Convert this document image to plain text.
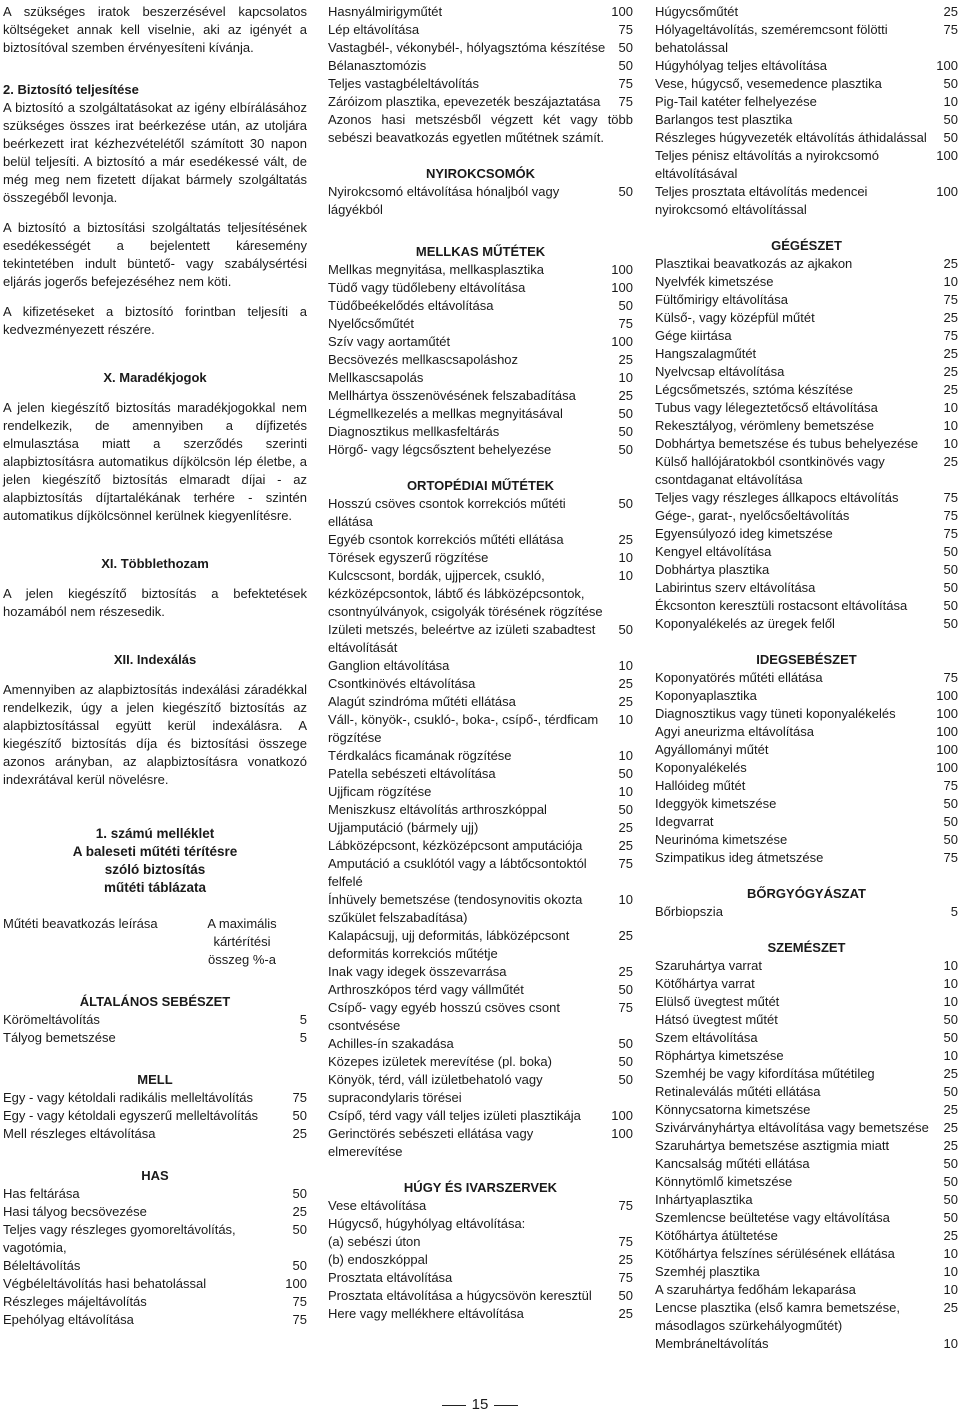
A szükséges iratok beszerzésével kapcsolatos költségeket annak kell viselnie, aki az igényét a biztosítóval szemben érvényesíteni kívánja.

2. Biztosító teljesítése

A biztosító a szolgáltatásokat az igény elbírálásához szükséges összes irat beérkezése után, az utoljára beérkezett irat kézhezvételétől számított 30 napon belül teljesíti. A biztosító a már esedékessé vált, de még meg nem fizetett díjakat bármely szolgáltatás összegéből levonja.

A biztosító a biztosítási szolgáltatás teljesítésének esedékességét a bejelentett káresemény tekintetében indult büntető- vagy szabálysértési eljárás jogerős befejezéséhez nem köti.

A kifizetéseket a biztosító forintban teljesíti a kedvezményezett részére.

X. Maradékjogok

A jelen kiegészítő biztosítás maradékjogokkal nem rendelkezik, de amennyiben a díjfizetés elmulasztása miatt a szerződés szerinti alapbiztosításra automatikus díjkölcsön lép életbe, a jelen kiegészítő biztosítás elmaradt díjai - az alapbiztosítás díjtartalékának terhére - szintén automatikus díjkölcsönnel kerülnek kiegyenlítésre.

XI. Többlethozam

A jelen kiegészítő biztosítás a befektetések hozamából nem részesedik.

XII. Indexálás

Amennyiben az alapbiztosítás indexálási záradékkal rendelkezik, úgy a jelen kiegészítő biztosítás az alapbiztosítással együtt kerül indexálásra. A kiegészítő biztosítás díja és biztosítási összege azonos arányban, az alapbiztosításra vonatkozó indexrátával kerül növelésre.

1. számú melléklet
A baleseti műtéti térítésre
szóló biztosítás
műtéti táblázata
Műtéti beavatkozás leírása	A maximális
kártérítési
összeg %-a

ÁLTALÁNOS SEBÉSZET

Körömeltávolítás	5
Tályog bemetszése	5

MELL

Egy - vagy kétoldali radikális melleltávolítás	75
Egy - vagy kétoldali egyszerű melleltávolítás	50
Mell részleges eltávolítása	25

HAS

Has feltárása	50
Hasi tályog becsövezése	25
Teljes vagy részleges gyomoreltávolítás, vagotómia,
50
Béleltávolítás	50
Végbéleltávolítás hasi behatolással	100
Részleges májeltávolítás	75
Epehólyag eltávolítása	75
Hasnyálmirigyműtét	100
Lép eltávolítása	75
Vastagbél-, vékonybél-, hólyagsztóma készítése	50
Bélanasztomózis	50
Teljes vastagbéleltávolítás	75
Záróizom plasztika, epevezeték beszájaztatása	75

Azonos hasi metszésből végzett két vagy több sebészi beavatkozás egyetlen műtétnek számít.

NYIROKCSOMÓK

Nyirokcsomó eltávolítása hónaljból vagy lágyékból
50

MELLKAS MŰTÉTEK

Mellkas megnyitása, mellkasplasztika	100
Tüdő vagy tüdőlebeny eltávolítása	100
Tüdőbeékelődés eltávolítása	50
Nyelőcsőműtét	75
Szív vagy aortaműtét	100
Becsövezés mellkascsapoláshoz	25
Mellkascsapolás	10
Mellhártya összenövésének felszabadítása	25
Légmellkezelés a mellkas megnyitásával	50
Diagnosztikus mellkasfeltárás	50
Hörgő- vagy légcsősztent behelyezése	50

ORTOPÉDIAI MŰTÉTEK

Hosszú csöves csontok korrekciós műtéti ellátása
50
Egyéb csontok korrekciós műtéti ellátása	25
Törések egyszerű rögzítése	10
Kulcscsont, bordák, ujjpercek, csukló, kézközépcsontok, lábtő és lábközépcsontok, csontnyúlványok, csigolyák törésének rögzítése
10
Izületi metszés, beleértve az izületi szabadtest eltávolítását
50
Ganglion eltávolítása	10
Csontkinövés eltávolítása	25
Alagút szindróma műtéti ellátása	25
Váll-, könyök-, csukló-, boka-, csípő-, térdficam rögzítése
10
Térdkalács ficamának rögzítése	10
Patella sebészeti eltávolítása	50
Ujjficam rögzítése	10
Meniszkusz eltávolítás arthroszkóppal	50
Ujjamputáció (bármely ujj)	25
Lábközépcsont, kézközépcsont amputációja	25
Amputáció a csuklótól vagy a lábtőcsontoktól felfelé
75
Ínhüvely bemetszése (tendosynovitis okozta szűkület felszabadítása)
10
Kalapácsujj, ujj deformitás, lábközépcsont deformitás korrekciós műtétje
25
Inak vagy idegek összevarrása	25
Arthroszkópos térd vagy vállműtét	50
Csípő- vagy egyéb hosszú csöves csont csontvésése
75
Achilles-ín szakadása	50
Közepes izületek merevítése (pl. boka)	50
Könyök, térd, váll izületbehatoló vagy supracondylaris törései
50
Csípő, térd vagy váll teljes izületi plasztikája	100
Gerinctörés sebészeti ellátása vagy elmerevítése
100

HÚGY ÉS IVARSZERVEK

Vese eltávolítása	75
Húgycső, húgyhólyag eltávolítása:
(a) sebészi úton	75
(b) endoszkóppal	25
Prosztata eltávolítása	75
Prosztata eltávolítása a húgycsövön keresztül	50
Here vagy mellékhere eltávolítása	25
Húgycsőműtét	25
Hólyageltávolítás, szeméremcsont fölötti behatolással
75
Húgyhólyag teljes eltávolítása	100
Vese, húgycső, vesemedence plasztika	50
Pig-Tail katéter felhelyezése	10
Barlangos test plasztika	50
Részleges húgyvezeték eltávolítás áthidalással	50
Teljes pénisz eltávolítás a nyirokcsomó eltávolításával
100
Teljes prosztata eltávolítás medencei nyirokcsomó eltávolítással
100

GÉGÉSZET

Plasztikai beavatkozás az ajkakon	25
Nyelvfék kimetszése	10
Fültőmirigy eltávolítása	75
Külső-, vagy középfül műtét	25
Gége kiirtása	75
Hangszalagműtét	25
Nyelvcsap eltávolítása	25
Légcsőmetszés, sztóma készítése	25
Tubus vagy lélegeztetőcső eltávolítása	10
Rekesztályog, vérömleny bemetszése	10
Dobhártya bemetszése és tubus behelyezése	10
Külső hallójáratokból csontkinövés vagy csontdaganat eltávolítása
25
Teljes vagy részleges állkapocs eltávolítás	75
Gége-, garat-, nyelőcsőeltávolítás	75
Egyensúlyozó ideg kimetszése	75
Kengyel eltávolítása	50
Dobhártya plasztika	50
Labirintus szerv eltávolítása	50
Ékcsonton keresztüli rostacsont eltávolítása	50
Koponyalékelés az üregek felől	50

IDEGSEBÉSZET

Koponyatörés műtéti ellátása	75
Koponyaplasztika	100
Diagnosztikus vagy tüneti koponyalékelés	100
Agyi aneurizma eltávolítása	100
Agyállományi műtét	100
Koponyalékelés	100
Hallóideg műtét	75
Ideggyök kimetszése	50
Idegvarrat	50
Neurinóma kimetszése	50
Szimpatikus ideg átmetszése	75

BŐRGYÓGYÁSZAT

Bőrbiopszia	5

SZEMÉSZET

Szaruhártya varrat	10
Kötőhártya varrat	10
Elülső üvegtest műtét	10
Hátsó üvegtest műtét	50
Szem eltávolítása	50
Röphártya kimetszése	10
Szemhéj be vagy kifordítása műtétileg	25
Retinaleválás műtéti ellátása	50
Könnycsatorna kimetszése	25
Szivárványhártya eltávolítása vagy bemetszése	25
Szaruhártya bemetszése asztigmia miatt	25
Kancsalság műtéti ellátása	50
Könnytömlő kimetszése	50
Inhártyaplasztika	50
Szemlencse beültetése vagy eltávolítása	50
Kötőhártya átültetése	25
Kötőhártya felszínes sérülésének ellátása	10
Szemhéj plasztika	10
A szaruhártya fedőhám lekaparása	10
Lencse plasztika (első kamra bemetszése, másodlagos szürkehályogműtét)
25
Membráneltávolítás	10
15
